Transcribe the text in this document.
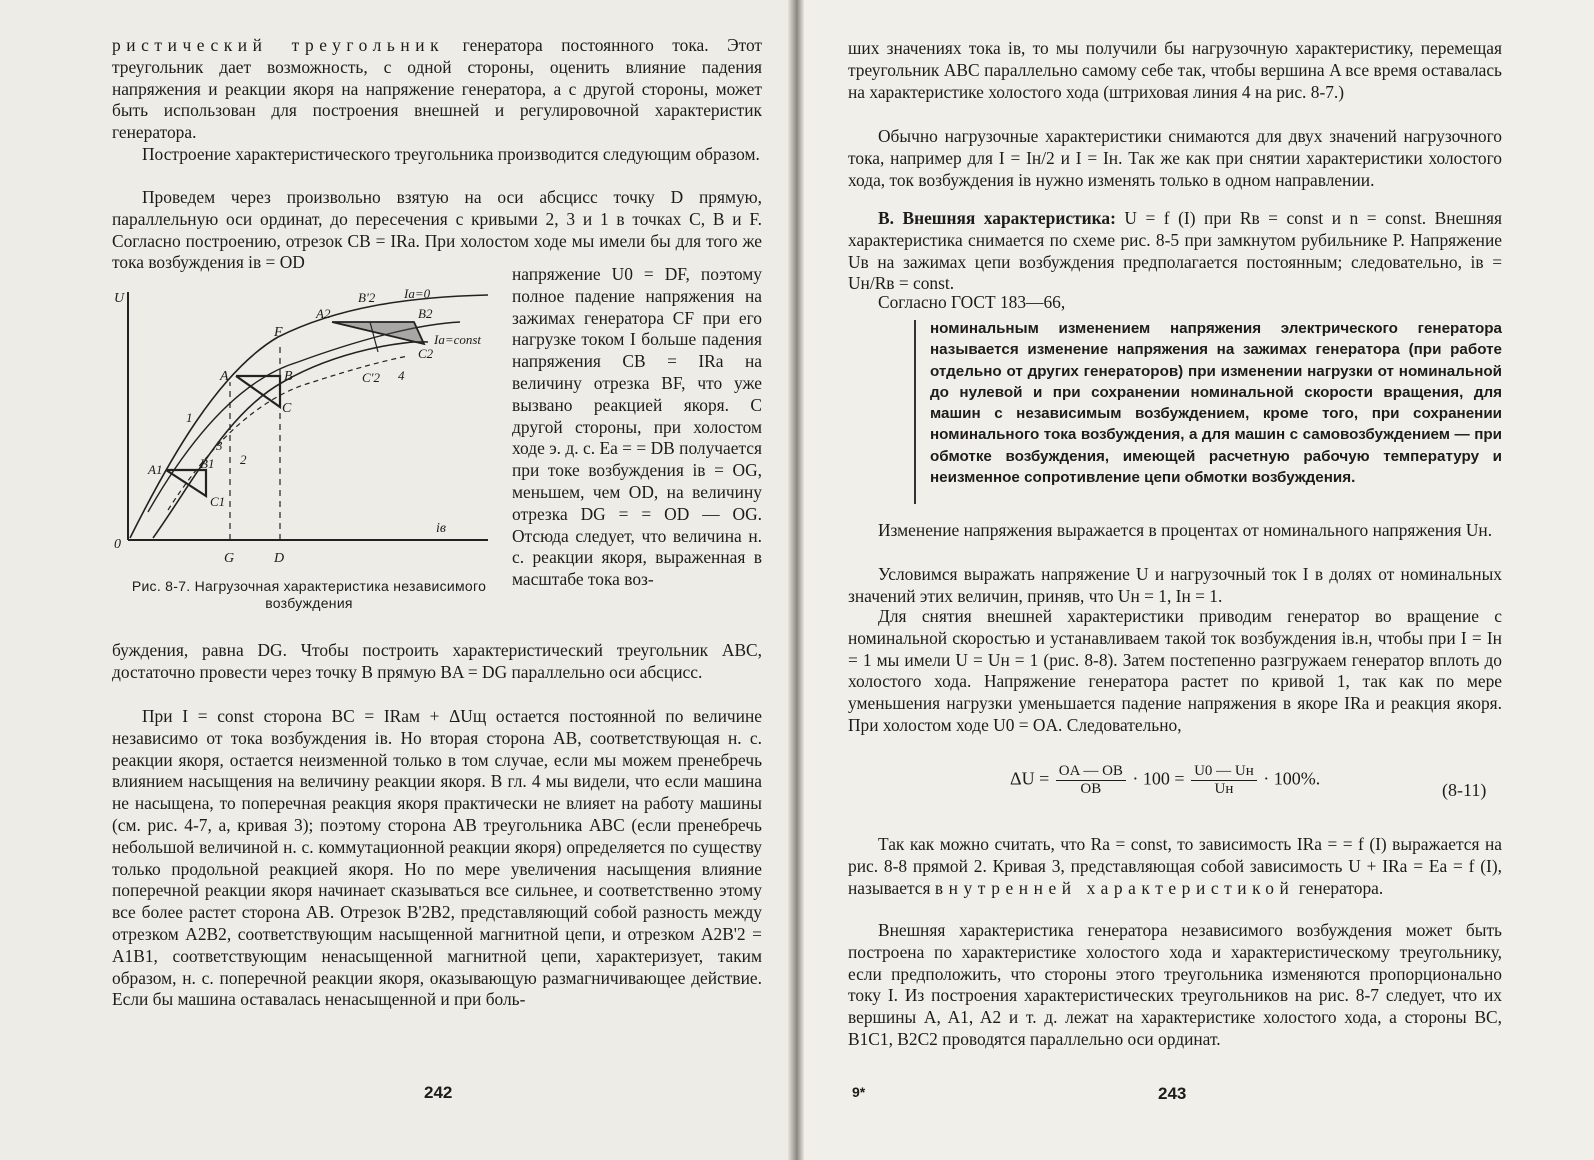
ристический треугольник генератора постоянного тока. Этот треугольник дает возможность, с одной стороны, оценить влияние падения напряжения и реакции якоря на напряжение генератора, а с другой стороны, может быть использован для построения внешней и регулировочной характеристик генератора.

Построение характеристического треугольника производится следующим образом.

Проведем через произвольно взятую на оси абсцисс точку D прямую, параллельную оси ординат, до пересечения с кривыми 2, 3 и 1 в точках C, B и F. Согласно построению, отрезок CB = IRa. При холостом ходе мы имели бы для того же тока возбуждения iв = OD

напряжение U0 = DF, поэтому полное падение напряжения на зажимах генератора CF при его нагрузке током I больше падения напряжения CB = IRa на величину отрезка BF, что уже вызвано реакцией якоря. С другой стороны, при холостом ходе э. д. с. Ea = = DB получается при токе возбуждения iв = OG, меньшем, чем OD, на величину отрезка DG = = OD — OG. Отсюда следует, что величина н. с. реакции якоря, выраженная в масштабе тока воз-

U
iв
0
G	D
F
A	B
C
A1	B1
C1
A2	B2
B'2
C2
C'2
1
2
3
4
Ia=0
Ia=const
Рис. 8-7. Нагрузочная характеристика независимого возбуждения

буждения, равна DG. Чтобы построить характеристический треугольник ABC, достаточно провести через точку B прямую BA = DG параллельно оси абсцисс.

При I = const сторона BC = IRaм + ΔUщ остается постоянной по величине независимо от тока возбуждения iв. Но вторая сторона AB, соответствующая н. с. реакции якоря, остается неизменной только в том случае, если мы можем пренебречь влиянием насыщения на величину реакции якоря. В гл. 4 мы видели, что если машина не насыщена, то поперечная реакция якоря практически не влияет на работу машины (см. рис. 4-7, a, кривая 3); поэтому сторона AB треугольника ABC (если пренебречь небольшой величиной н. с. коммутационной реакции якоря) определяется по существу только продольной реакцией якоря. Но по мере увеличения насыщения влияние поперечной реакции якоря начинает сказываться все сильнее, и соответственно этому все более растет сторона AB. Отрезок B'2B2, представляющий собой разность между отрезком A2B2, соответствующим насыщенной магнитной цепи, и отрезком A2B'2 = A1B1, соответствующим ненасыщенной магнитной цепи, характеризует, таким образом, н. с. поперечной реакции якоря, оказывающую размагничивающее действие. Если бы машина оставалась ненасыщенной и при боль-

242

ших значениях тока iв, то мы получили бы нагрузочную характеристику, перемещая треугольник ABC параллельно самому себе так, чтобы вершина A все время оставалась на характеристике холостого хода (штриховая линия 4 на рис. 8-7.)

Обычно нагрузочные характеристики снимаются для двух значений нагрузочного тока, например для I = Iн/2 и I = Iн. Так же как при снятии характеристики холостого хода, ток возбуждения iв нужно изменять только в одном направлении.

В. Внешняя характеристика: U = f (I) при Rв = const и n = const. Внешняя характеристика снимается по схеме рис. 8-5 при замкнутом рубильнике P. Напряжение Uв на зажимах цепи возбуждения предполагается постоянным; следовательно, iв = Uн/Rв = const.

Согласно ГОСТ 183—66,

номинальным изменением напряжения электрического генератора называется изменение напряжения на зажимах генератора (при работе отдельно от других генераторов) при изменении нагрузки от номинальной до нулевой и при сохранении номинальной скорости вращения, для машин с независимым возбуждением, кроме того, при сохранении номинального тока возбуждения, а для машин с самовозбуждением — при обмотке возбуждения, имеющей расчетную рабочую температуру и неизменное сопротивление цепи обмотки возбуждения.

Изменение напряжения выражается в процентах от номинального напряжения Uн.

Условимся выражать напряжение U и нагрузочный ток I в долях от номинальных значений этих величин, приняв, что Uн = 1, Iн = 1.

Для снятия внешней характеристики приводим генератор во вращение с номинальной скоростью и устанавливаем такой ток возбуждения iв.н, чтобы при I = Iн = 1 мы имели U = Uн = 1 (рис. 8-8). Затем постепенно разгружаем генератор вплоть до холостого хода. Напряжение генератора растет по кривой 1, так как по мере уменьшения нагрузки уменьшается падение напряжения в якоре IRa и реакция якоря. При холостом ходе U0 = OA. Следовательно,

$\Delta U = \frac{OA — OB}{OB} \cdot 100 = \frac{U0 — Uн}{Uн} \cdot 100\%$.
(8-11)

Так как можно считать, что Ra = const, то зависимость IRa = = f (I) выражается на рис. 8-8 прямой 2. Кривая 3, представляющая собой зависимость U + IRa = Ea = f (I), называется внутренней характеристикой генератора.

Внешняя характеристика генератора независимого возбуждения может быть построена по характеристике холостого хода и характеристическому треугольнику, если предположить, что стороны этого треугольника изменяются пропорционально току I. Из построения характеристических треугольников на рис. 8-7 следует, что их вершины A, A1, A2 и т. д. лежат на характеристике холостого хода, а стороны BC, B1C1, B2C2 проводятся параллельно оси ординат.

9*	243
